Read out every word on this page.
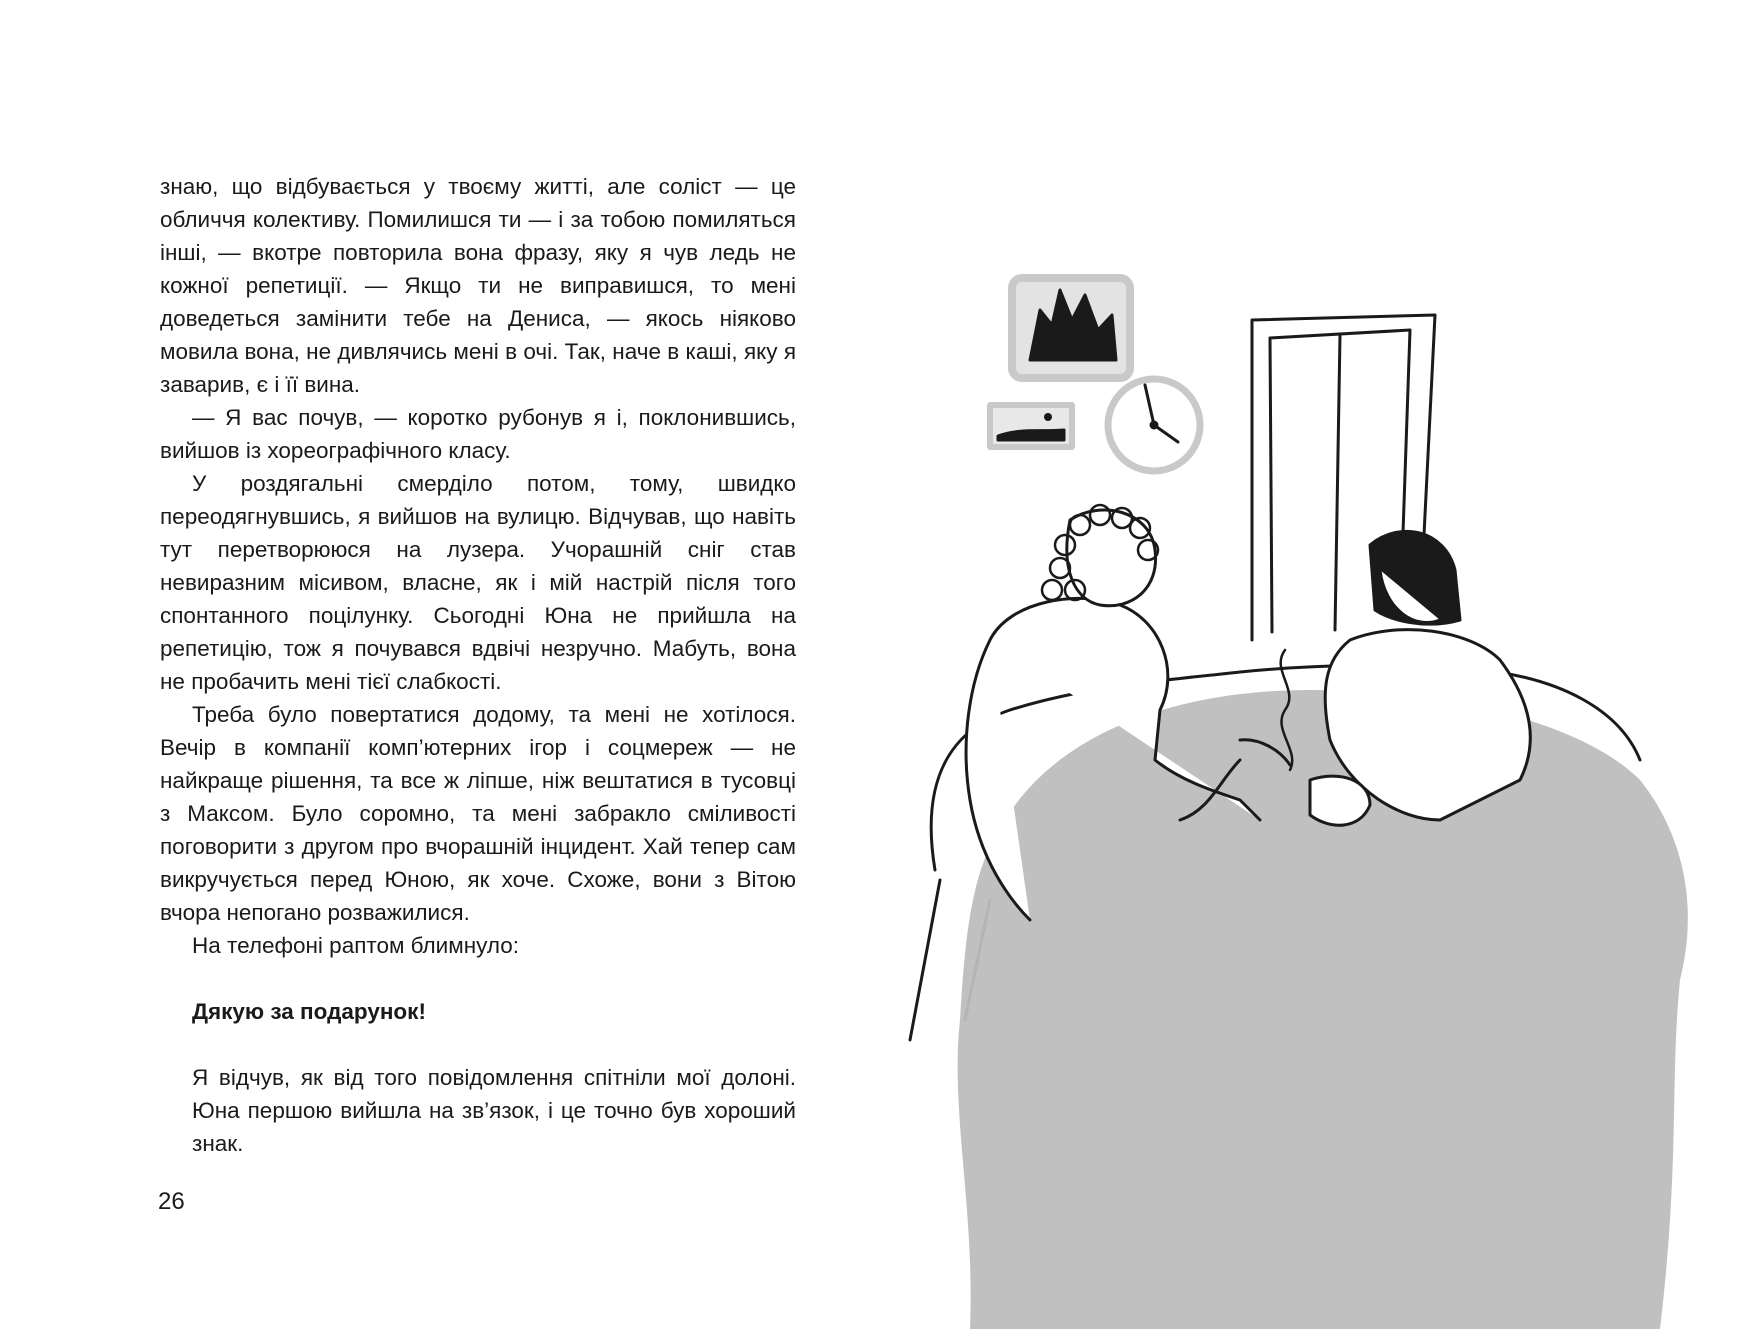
знаю, що відбувається у твоєму житті, але соліст — це обличчя колективу. Помилишся ти — і за тобою помиляться інші, — вкотре повторила вона фразу, яку я чув ледь не кожної репетиції. — Якщо ти не виправишся, то мені доведеться замінити тебе на Дениса, — якось ніяково мовила вона, не дивлячись мені в очі. Так, наче в каші, яку я заварив, є і її вина.

— Я вас почув, — коротко рубонув я і, поклонившись, вийшов із хореографічного класу.

У роздягальні смерділо потом, тому, швидко переодягнувшись, я вийшов на вулицю. Відчував, що навіть тут перетворююся на лузера. Учорашній сніг став невиразним місивом, власне, як і мій настрій після того спонтанного поцілунку. Сьогодні Юна не прийшла на репетицію, тож я почувався вдвічі незручно. Мабуть, вона не пробачить мені тієї слабкості.

Треба було повертатися додому, та мені не хотілося. Вечір в компанії комп’ютерних ігор і соцмереж — не найкраще рішення, та все ж ліпше, ніж вештатися в тусовці з Максом. Було соромно, та мені забракло сміливості поговорити з другом про вчорашній інцидент. Хай тепер сам викручується перед Юною, як хоче. Схоже, вони з Вітою вчора непогано розважилися.

На телефоні раптом блимнуло:

Дякую за подарунок!

Я відчув, як від того повідомлення спітніли мої долоні. Юна першою вийшла на зв’язок, і це точно був хороший знак.

26
